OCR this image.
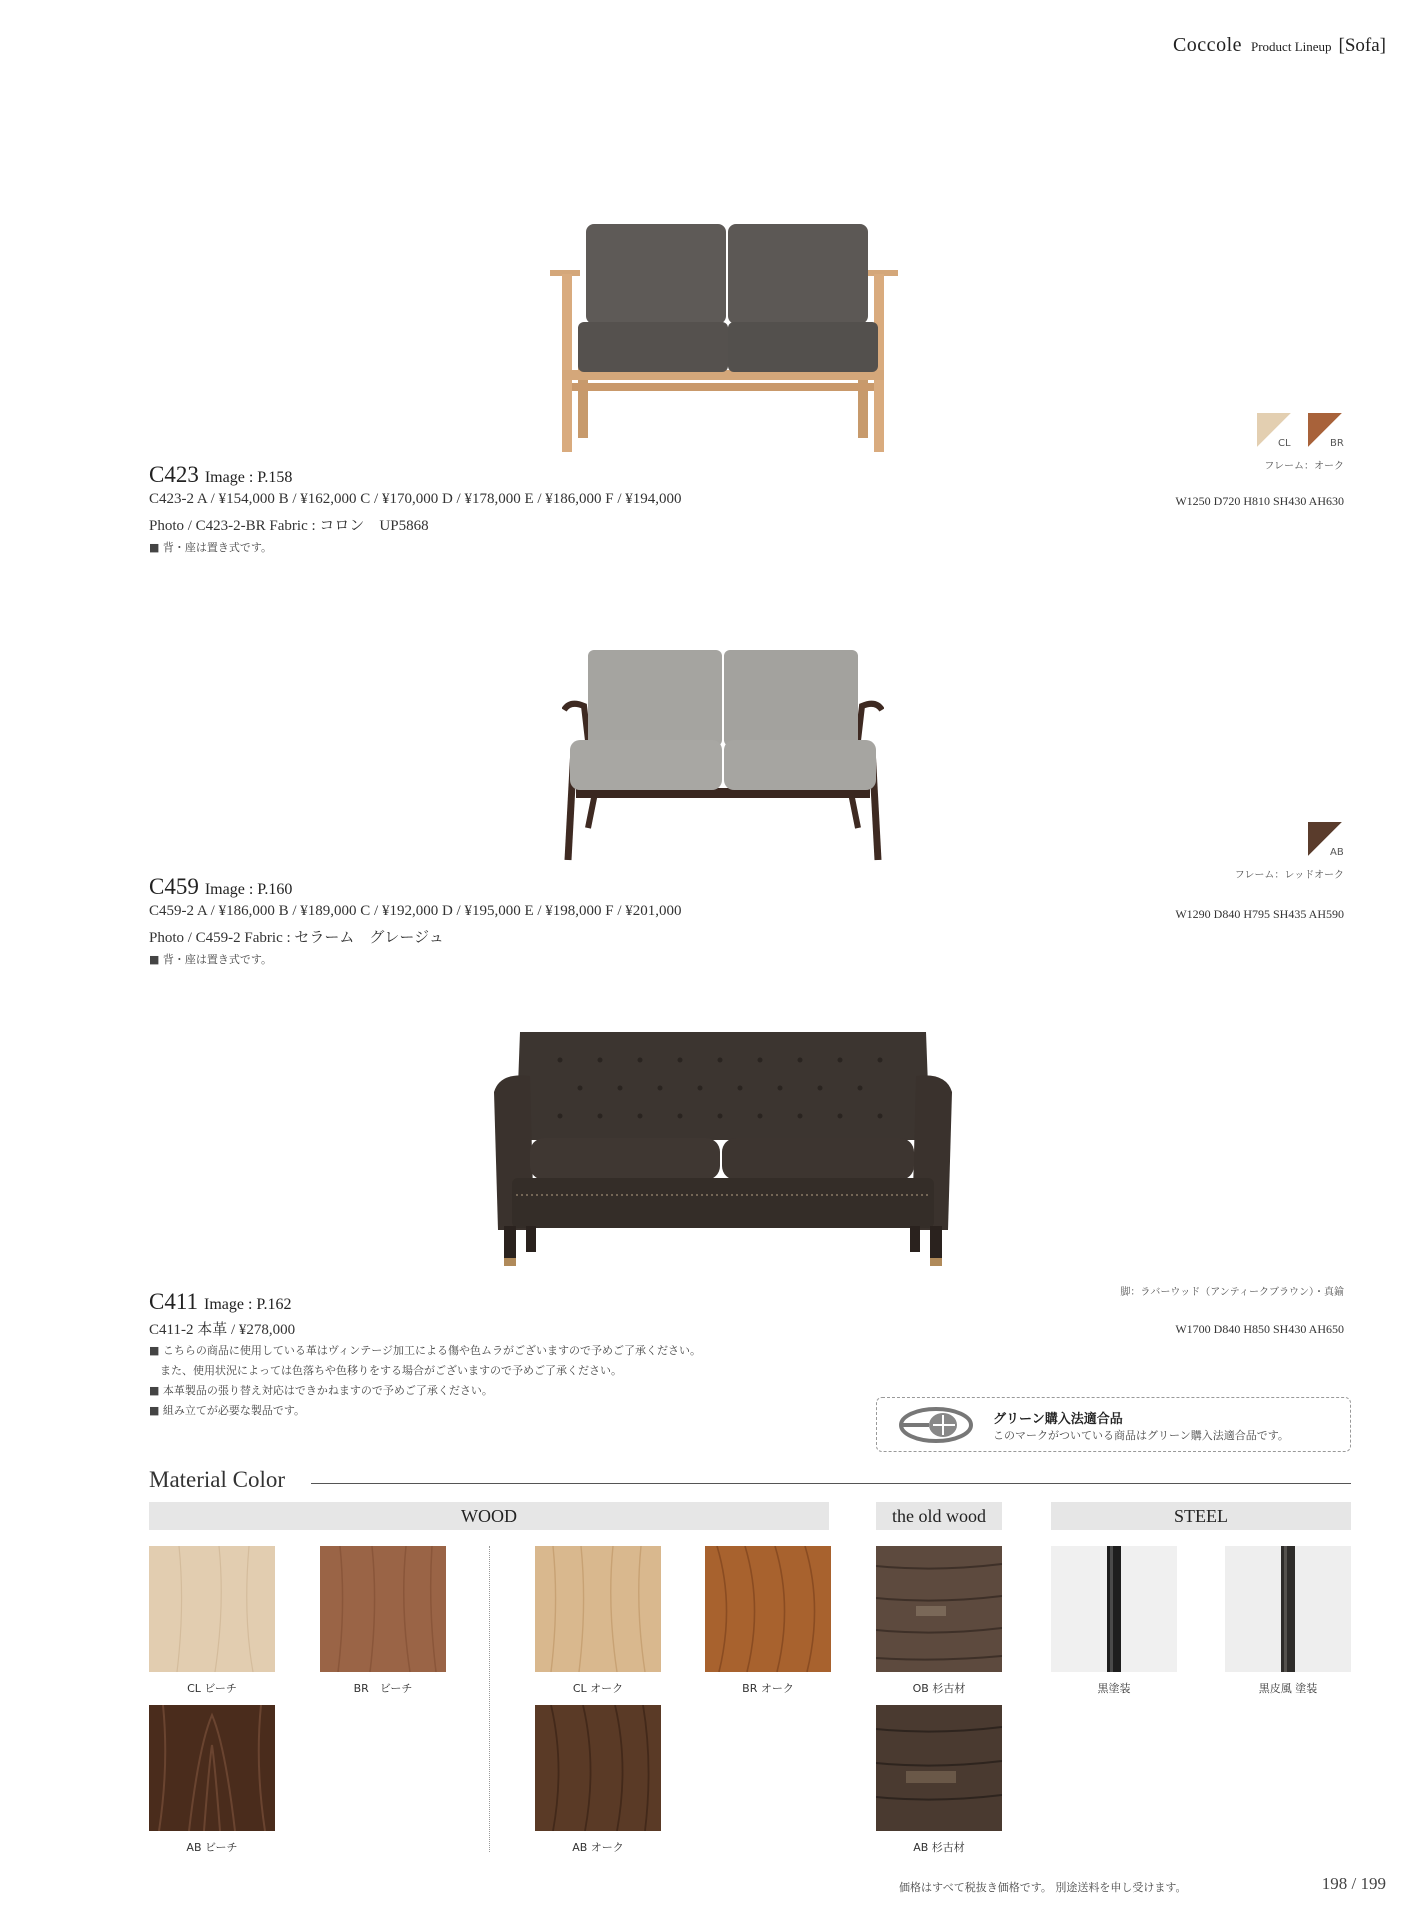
Coccole Product Lineup [Sofa]
C423 Image : P.158
C423-2 A / ¥154,000 B / ¥162,000 C / ¥170,000 D / ¥178,000 E / ¥186,000 F / ¥194,000
Photo / C423-2-BR Fabric : コロン　UP5868
■ 背・座は置き式です。
CL	BR
フレーム：オーク
W1250 D720 H810 SH430 AH630
C459 Image : P.160
C459-2 A / ¥186,000 B / ¥189,000 C / ¥192,000 D / ¥195,000 E / ¥198,000 F / ¥201,000
Photo / C459-2 Fabric : セラーム　グレージュ
■ 背・座は置き式です。
AB
フレーム：レッドオーク
W1290 D840 H795 SH435 AH590
C411 Image : P.162
C411-2 本革 / ¥278,000
■ こちらの商品に使用している革はヴィンテージ加工による傷や色ムラがございますので予めご了承ください。
　また、使用状況によっては色落ちや色移りをする場合がございますので予めご了承ください。
■ 本革製品の張り替え対応はできかねますので予めご了承ください。
■ 組み立てが必要な製品です。
脚：ラバーウッド（アンティークブラウン）・真鍮
W1700 D840 H850 SH430 AH650
グリーン購入法適合品
このマークがついている商品はグリーン購入法適合品です。
Material Color
WOOD	the old wood	STEEL
CL ビーチ	BR　ビーチ
AB ビーチ
CL オーク	BR オーク
AB オーク
OB 杉古材
AB 杉古材
黒塗装	黒皮風 塗装
価格はすべて税抜き価格です。 別途送料を申し受けます。	198 / 199
